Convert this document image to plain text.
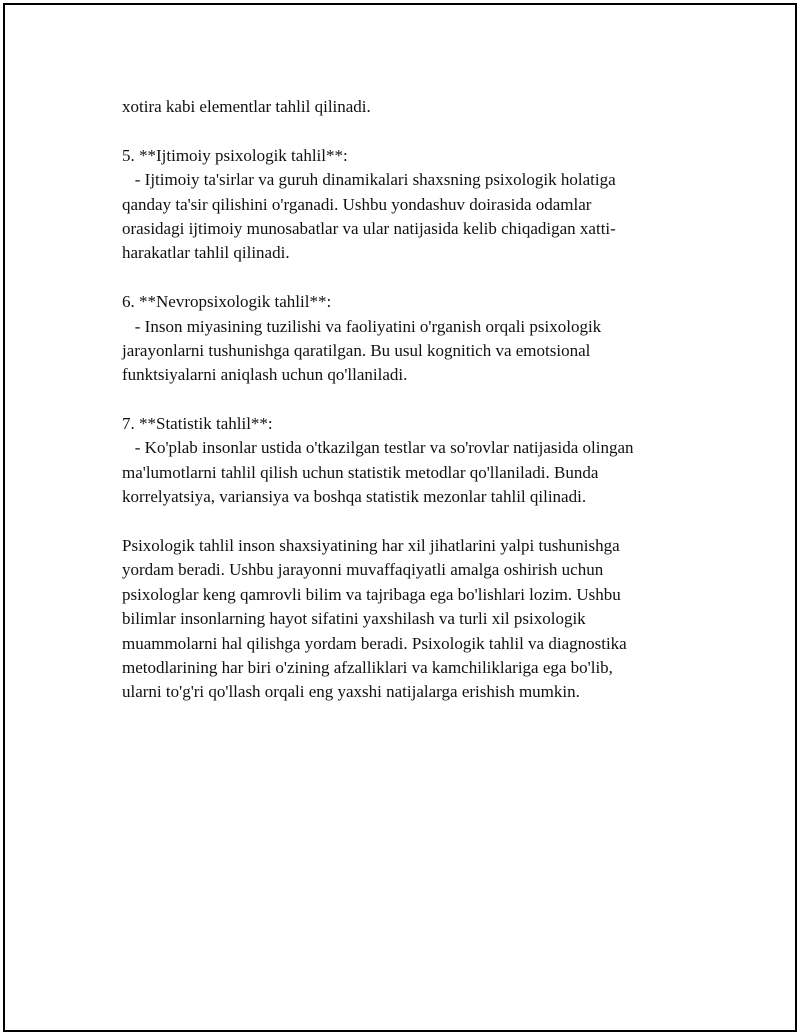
xotira kabi elementlar tahlil qilinadi.
5. **Ijtimoiy psixologik tahlil**:
- Ijtimoiy ta'sirlar va guruh dinamikalari shaxsning psixologik holatiga
qanday ta'sir qilishini o'rganadi. Ushbu yondashuv doirasida odamlar
orasidagi ijtimoiy munosabatlar va ular natijasida kelib chiqadigan xatti-
harakatlar tahlil qilinadi.
6. **Nevropsixologik tahlil**:
- Inson miyasining tuzilishi va faoliyatini o'rganish orqali psixologik
jarayonlarni tushunishga qaratilgan. Bu usul kognitich va emotsional
funktsiyalarni aniqlash uchun qo'llaniladi.
7. **Statistik tahlil**:
- Ko'plab insonlar ustida o'tkazilgan testlar va so'rovlar natijasida olingan
ma'lumotlarni tahlil qilish uchun statistik metodlar qo'llaniladi. Bunda
korrelyatsiya, variansiya va boshqa statistik mezonlar tahlil qilinadi.
Psixologik tahlil inson shaxsiyatining har xil jihatlarini yalpi tushunishga
yordam beradi. Ushbu jarayonni muvaffaqiyatli amalga oshirish uchun
psixologlar keng qamrovli bilim va tajribaga ega bo'lishlari lozim. Ushbu
bilimlar insonlarning hayot sifatini yaxshilash va turli xil psixologik
muammolarni hal qilishga yordam beradi. Psixologik tahlil va diagnostika
metodlarining har biri o'zining afzalliklari va kamchiliklariga ega bo'lib,
ularni to'g'ri qo'llash orqali eng yaxshi natijalarga erishish mumkin.
